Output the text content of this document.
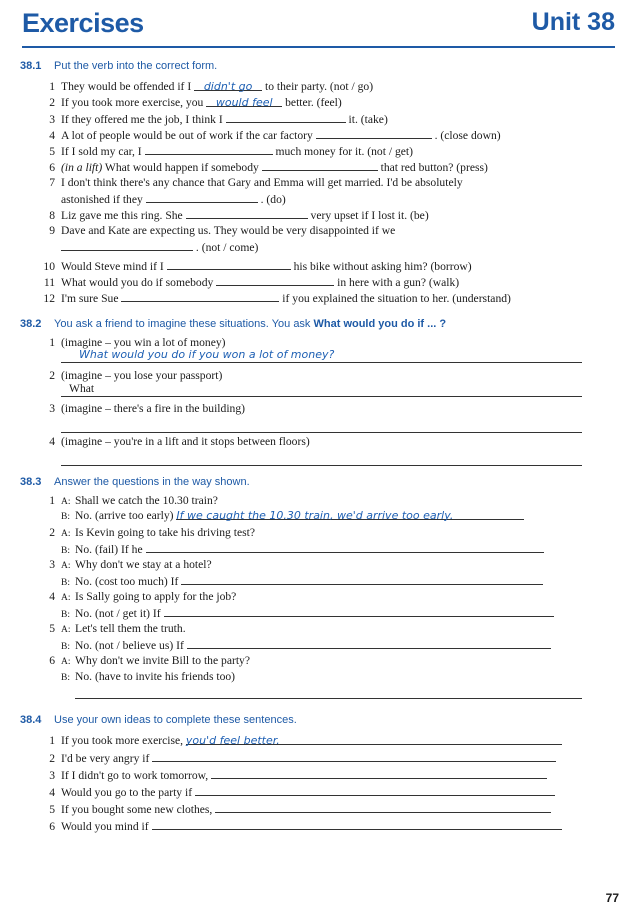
Exercises	Unit 38
38.1 Put the verb into the correct form.
1 They would be offended if I didn't go to their party. (not / go)
2 If you took more exercise, you would feel better. (feel)
3 If they offered me the job, I think I	it. (take)
4 A lot of people would be out of work if the car factory	. (close down)
5 If I sold my car, I	much money for it. (not / get)
6 (in a lift) What would happen if somebody	that red button? (press)
7 I don't think there's any chance that Gary and Emma will get married. I'd be absolutely
astonished if they	. (do)
8 Liz gave me this ring. She	very upset if I lost it. (be)
9 Dave and Kate are expecting us. They would be very disappointed if we
. (not / come)
10 Would Steve mind if I	his bike without asking him? (borrow)
11 What would you do if somebody	in here with a gun? (walk)
12 I'm sure Sue	if you explained the situation to her. (understand)
38.2 You ask a friend to imagine these situations. You ask What would you do if ... ?
1 (imagine – you win a lot of money)
What would you do if you won a lot of money?
2 (imagine – you lose your passport)
What
3 (imagine – there's a fire in the building)
4 (imagine – you're in a lift and it stops between floors)
38.3 Answer the questions in the way shown.
1 A: Shall we catch the 10.30 train?
B: No. (arrive too early) If we caught the 10.30 train, we'd arrive too early.
2 A: Is Kevin going to take his driving test?
B: No. (fail) If he
3 A: Why don't we stay at a hotel?
B: No. (cost too much) If
4 A: Is Sally going to apply for the job?
B: No. (not / get it) If
5 A: Let's tell them the truth.
B: No. (not / believe us) If
6 A: Why don't we invite Bill to the party?
B: No. (have to invite his friends too)
38.4 Use your own ideas to complete these sentences.
1 If you took more exercise, you'd feel better.
2 I'd be very angry if
3 If I didn't go to work tomorrow,
4 Would you go to the party if
5 If you bought some new clothes,
6 Would you mind if
77
